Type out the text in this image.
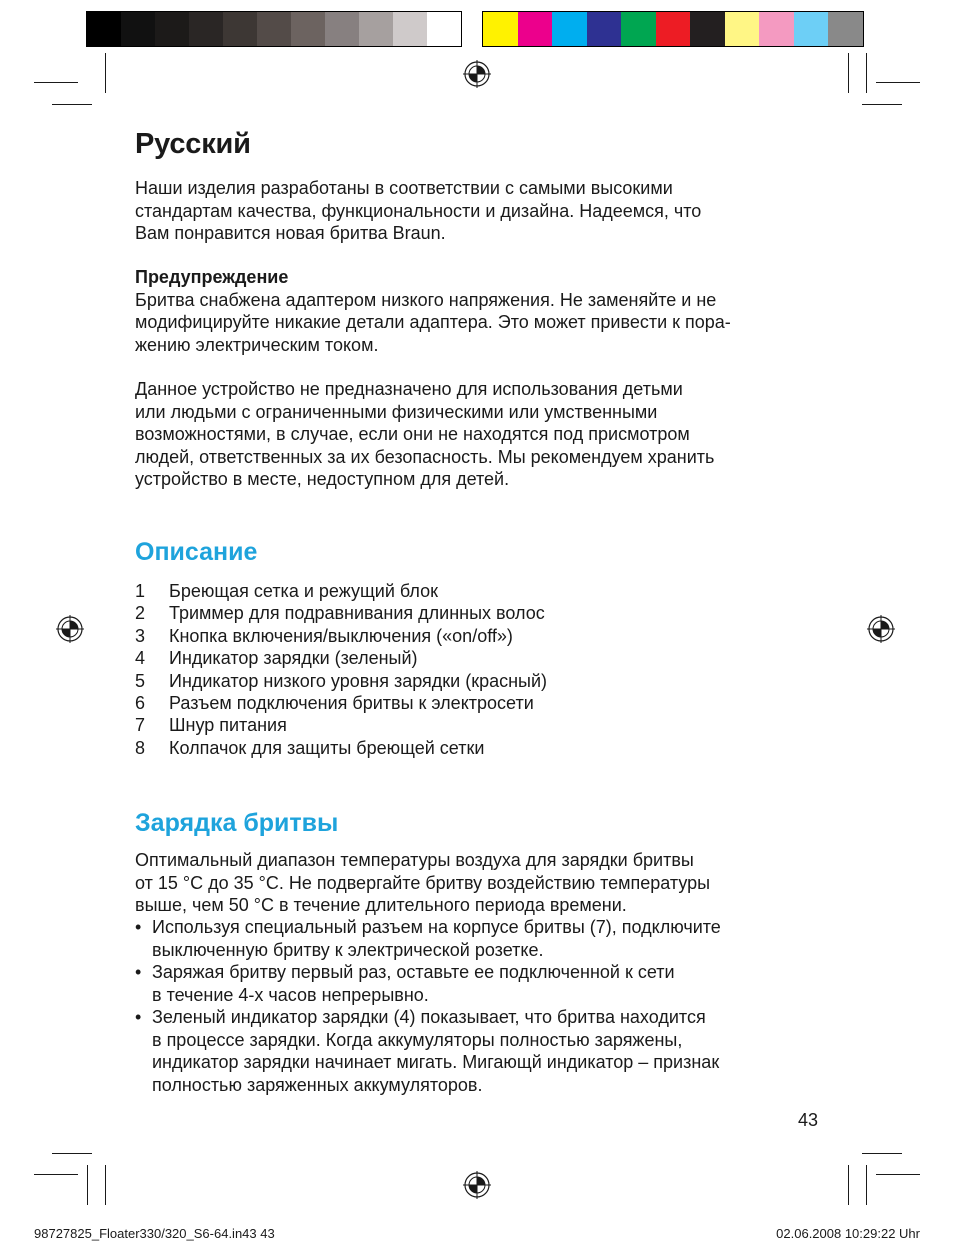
Русский

Наши изделия разработаны в соответствии с самыми высокими
стандартам качества, функциональности и дизайна. Надеемся, что
Вам понравится новая бритва Braun.

Предупреждение
Бритва снабжена адаптером низкого напряжения. Не заменяйте и не
модифицируйте никакие детали адаптера. Это может привести к пора-
жению электрическим током.

Данное устройство не предназначено для использования детьми
или людьми с ограниченными физическими или умственными
возможностями, в случае, если они не находятся под присмотром
людей, ответственных за их безопасность. Мы рекомендуем хранить
устройство в месте, недоступном для детей.

Описание
1	Бреющая сетка и режущий блок
2	Триммер для подравнивания длинных волос
3	Кнопка включения/выключения («on/off»)
4	Индикатор зарядки (зеленый)
5	Индикатор низкого уровня зарядки (красный)
6	Разъем подключения бритвы к электросети
7	Шнур питания
8	Колпачок для защиты бреющей сетки
Зарядка бритвы

Оптимальный диапазон температуры воздуха для зарядки бритвы
от 15 °C до 35 °C. Не подвергайте бритву воздействию температуры
выше, чем 50 °C в течение длительного периода времени.

• Используя специальный разъем на корпусе бритвы (7), подключите
выключенную бритву к электрической розетке.
• Заряжая бритву первый раз, оставьте ее подключенной к сети
в течение 4-х часов непрерывно.
• Зеленый индикатор зарядки (4) показывает, что бритва находится
в процессе зарядки. Когда аккумуляторы полностью заряжены,
индикатор зарядки начинает мигать. Мигающй индикатор – признак
полностью заряженных аккумуляторов.
43
98727825_Floater330/320_S6-64.in43 43	02.06.2008 10:29:22 Uhr
